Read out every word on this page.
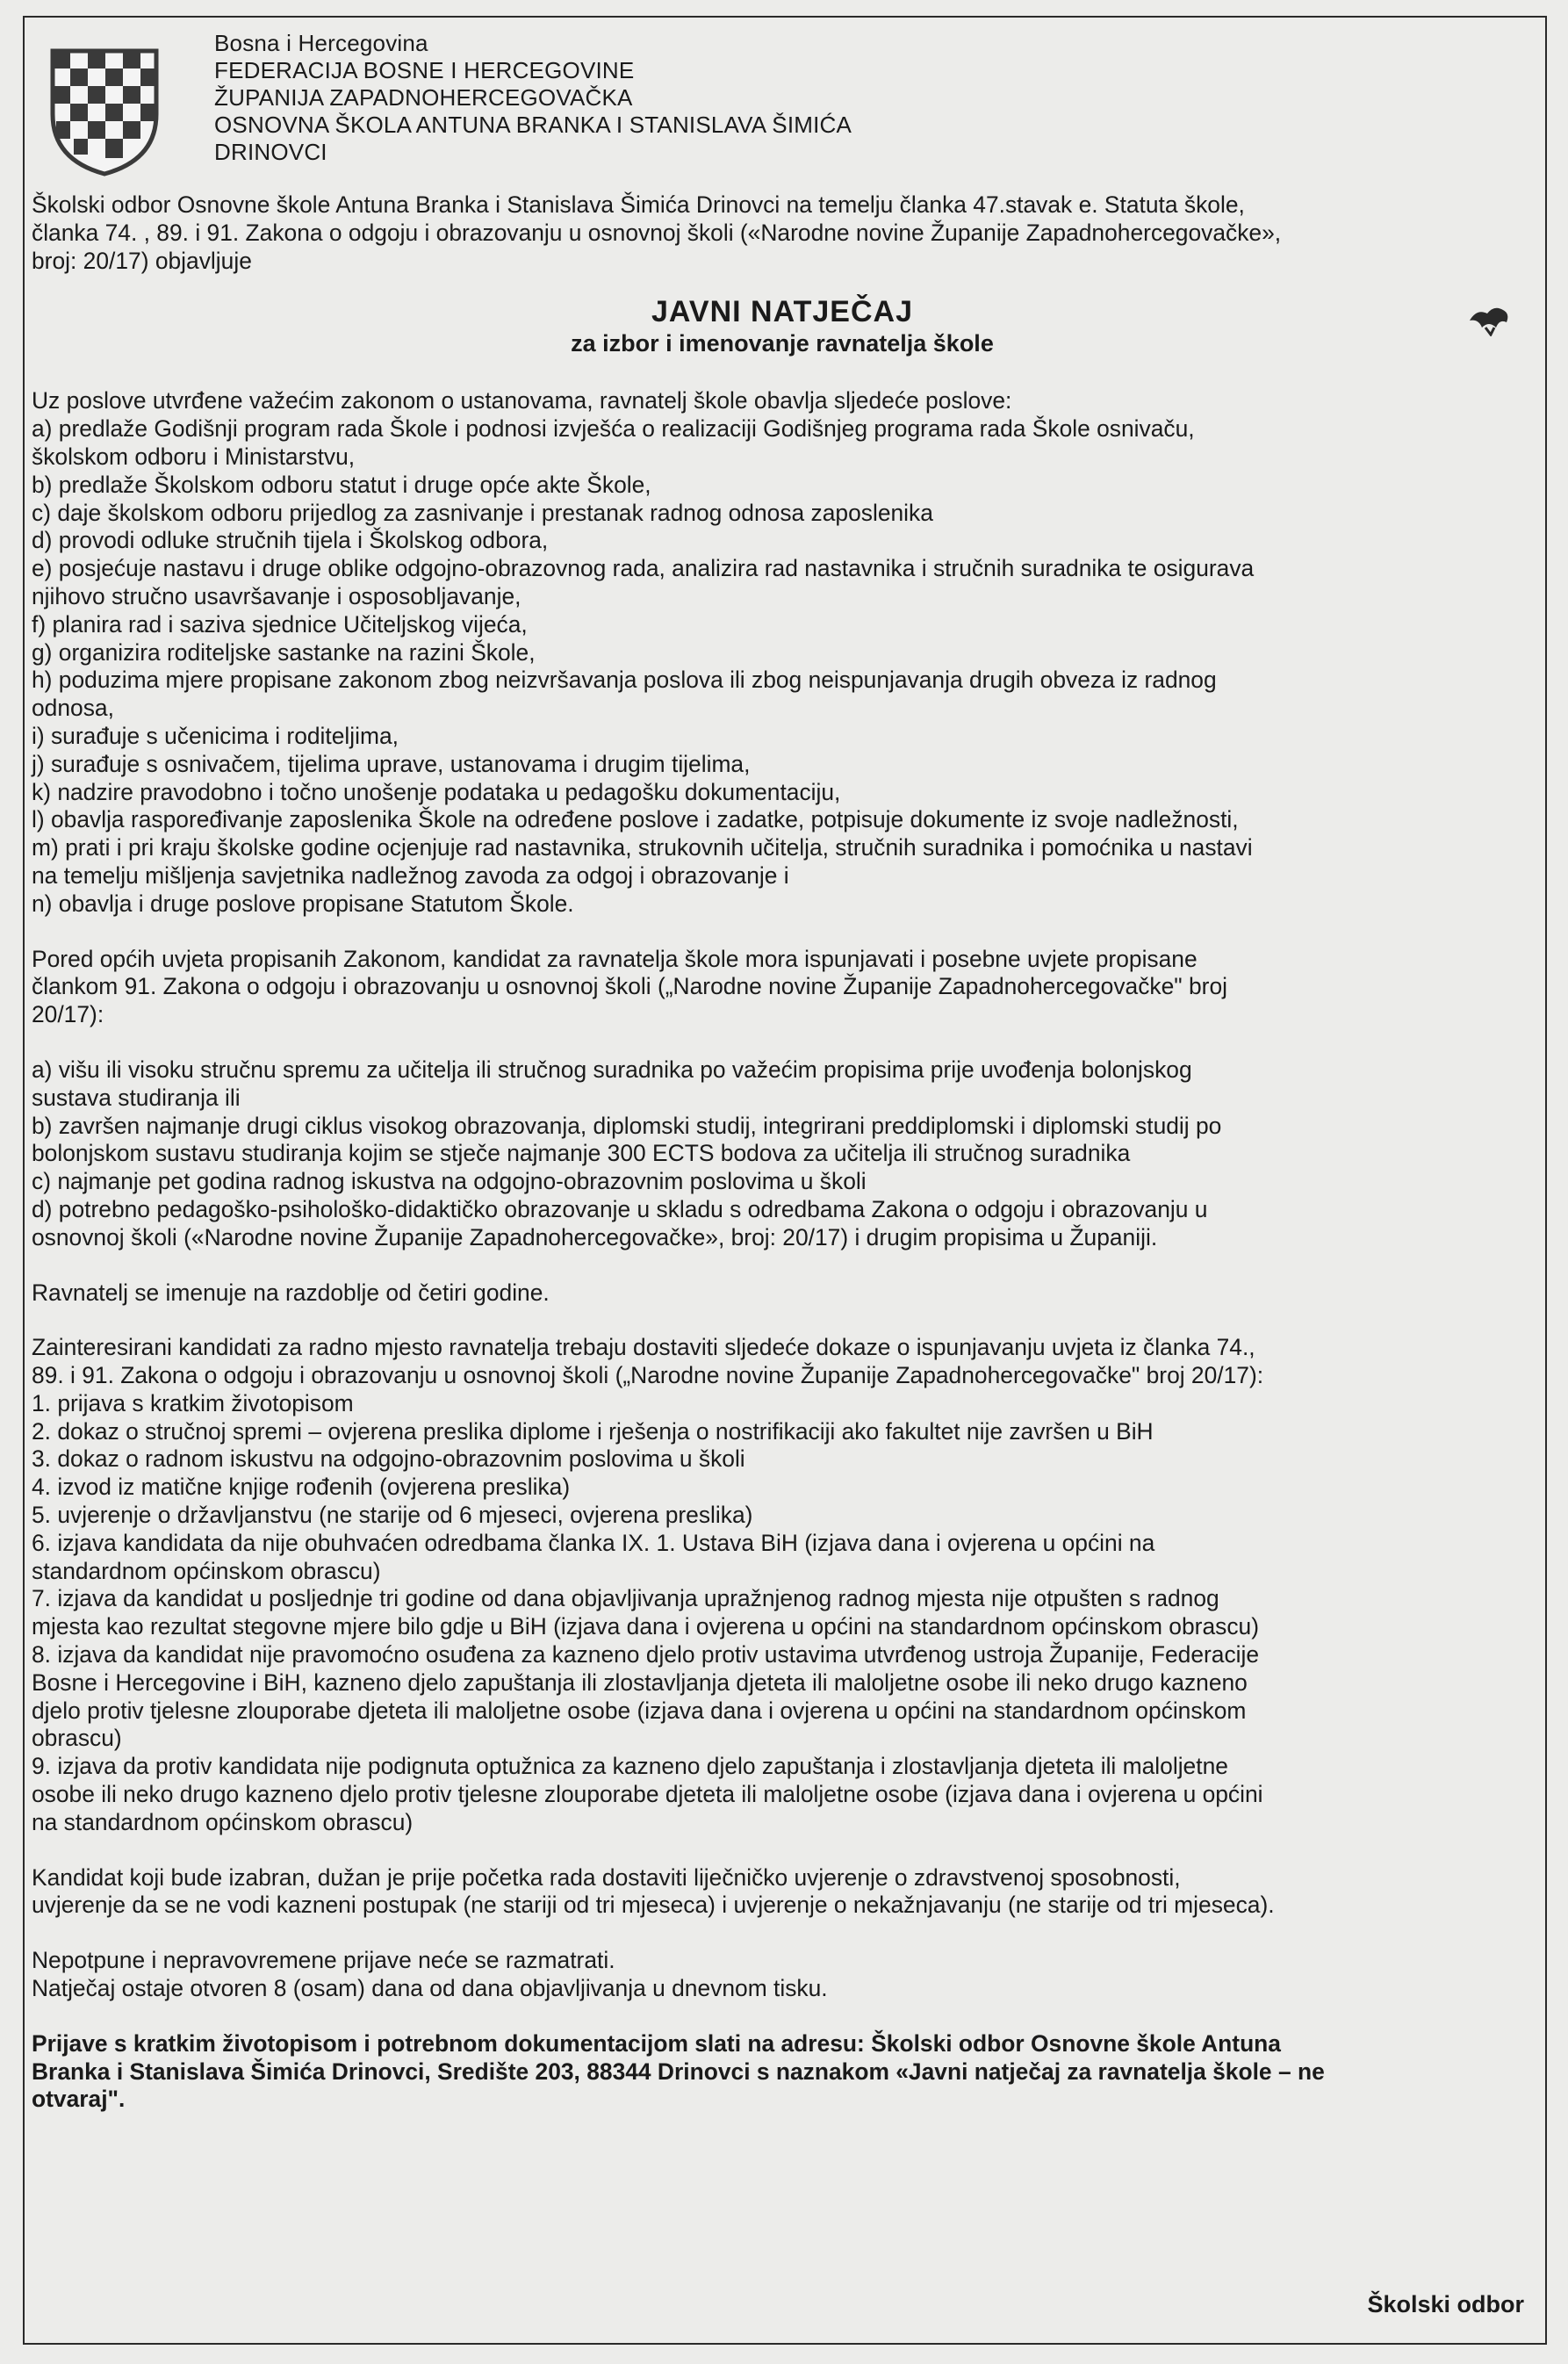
Bosna i Hercegovina
FEDERACIJA BOSNE I HERCEGOVINE
ŽUPANIJA ZAPADNOHERCEGOVAČKA
OSNOVNA ŠKOLA ANTUNA BRANKA I STANISLAVA ŠIMIĆA
DRINOVCI

Školski odbor Osnovne škole Antuna Branka i Stanislava Šimića Drinovci na temelju članka 47.stavak e. Statuta škole,

članka 74. , 89. i 91. Zakona o odgoju i obrazovanju u osnovnoj školi («Narodne novine Županije Zapadnohercegovačke»,

broj: 20/17) objavljuje

JAVNI NATJEČAJ
za izbor i imenovanje ravnatelja škole

Uz poslove utvrđene važećim zakonom o ustanovama, ravnatelj škole obavlja sljedeće poslove:

a) predlaže Godišnji program rada Škole i podnosi izvješća o realizaciji Godišnjeg programa rada Škole osnivaču,

školskom odboru i Ministarstvu,

b) predlaže Školskom odboru statut i druge opće akte Škole,

c) daje školskom odboru prijedlog za zasnivanje i prestanak radnog odnosa zaposlenika

d) provodi odluke stručnih tijela i Školskog odbora,

e) posjećuje nastavu i druge oblike odgojno-obrazovnog rada, analizira rad nastavnika i stručnih suradnika te osigurava

njihovo stručno usavršavanje i osposobljavanje,

f) planira rad i saziva sjednice Učiteljskog vijeća,

g) organizira roditeljske sastanke na razini Škole,

h) poduzima mjere propisane zakonom zbog neizvršavanja poslova ili zbog neispunjavanja drugih obveza iz radnog

odnosa,

i) surađuje s učenicima i roditeljima,

j) surađuje s osnivačem, tijelima uprave, ustanovama i drugim tijelima,

k) nadzire pravodobno i točno unošenje podataka u pedagošku dokumentaciju,

l) obavlja raspoređivanje zaposlenika Škole na određene poslove i zadatke, potpisuje dokumente iz svoje nadležnosti,

m) prati i pri kraju školske godine ocjenjuje rad nastavnika, strukovnih učitelja, stručnih suradnika i pomoćnika u nastavi

na temelju mišljenja savjetnika nadležnog zavoda za odgoj i obrazovanje i

n) obavlja i druge poslove propisane Statutom Škole.

Pored općih uvjeta propisanih Zakonom, kandidat za ravnatelja škole mora ispunjavati i posebne uvjete propisane

člankom 91. Zakona o odgoju i obrazovanju u osnovnoj školi („Narodne novine Županije Zapadnohercegovačke" broj

20/17):

a) višu ili visoku stručnu spremu za učitelja ili stručnog suradnika po važećim propisima prije uvođenja bolonjskog

sustava studiranja ili

b) završen najmanje drugi ciklus visokog obrazovanja, diplomski studij, integrirani preddiplomski i diplomski studij po

bolonjskom sustavu studiranja kojim se stječe najmanje 300 ECTS bodova za učitelja ili stručnog suradnika

c) najmanje pet godina radnog iskustva na odgojno-obrazovnim poslovima u školi

d) potrebno pedagoško-psihološko-didaktičko obrazovanje u skladu s odredbama Zakona o odgoju i obrazovanju u

osnovnoj školi («Narodne novine Županije Zapadnohercegovačke», broj: 20/17) i drugim propisima u Županiji.

Ravnatelj se imenuje na razdoblje od četiri godine.

Zainteresirani kandidati za radno mjesto ravnatelja trebaju dostaviti sljedeće dokaze o ispunjavanju uvjeta iz članka 74.,

89. i 91. Zakona o odgoju i obrazovanju u osnovnoj školi („Narodne novine Županije Zapadnohercegovačke" broj 20/17):

1. prijava s kratkim životopisom

2. dokaz o stručnoj spremi – ovjerena preslika diplome i rješenja o nostrifikaciji ako fakultet nije završen u BiH

3. dokaz o radnom iskustvu na odgojno-obrazovnim poslovima u školi

4. izvod iz matične knjige rođenih (ovjerena preslika)

5. uvjerenje o državljanstvu (ne starije od 6 mjeseci, ovjerena preslika)

6. izjava kandidata da nije obuhvaćen odredbama članka IX. 1. Ustava BiH (izjava dana i ovjerena u općini na

standardnom općinskom obrascu)

7. izjava da kandidat u posljednje tri godine od dana objavljivanja upražnjenog radnog mjesta nije otpušten s radnog

mjesta kao rezultat stegovne mjere bilo gdje u BiH (izjava dana i ovjerena u općini na standardnom općinskom obrascu)

8. izjava da kandidat nije pravomoćno osuđena za kazneno djelo protiv ustavima utvrđenog ustroja Županije, Federacije

Bosne i Hercegovine i BiH, kazneno djelo zapuštanja ili zlostavljanja djeteta ili maloljetne osobe ili neko drugo kazneno

djelo protiv tjelesne zlouporabe djeteta ili maloljetne osobe (izjava dana i ovjerena u općini na standardnom općinskom

obrascu)

9. izjava da protiv kandidata nije podignuta optužnica za kazneno djelo zapuštanja i zlostavljanja djeteta ili maloljetne

osobe ili neko drugo kazneno djelo protiv tjelesne zlouporabe djeteta ili maloljetne osobe (izjava dana i ovjerena u općini

na standardnom općinskom obrascu)

Kandidat koji bude izabran, dužan je prije početka rada dostaviti liječničko uvjerenje o zdravstvenoj sposobnosti,

uvjerenje da se ne vodi kazneni postupak (ne stariji od tri mjeseca) i uvjerenje o nekažnjavanju (ne starije od tri mjeseca).

Nepotpune i nepravovremene prijave neće se razmatrati.

Natječaj ostaje otvoren 8 (osam) dana od dana objavljivanja u dnevnom tisku.

Prijave s kratkim životopisom i potrebnom dokumentacijom slati na adresu: Školski odbor Osnovne škole Antuna

Branka i Stanislava Šimića Drinovci, Središte 203, 88344 Drinovci s naznakom «Javni natječaj za ravnatelja škole – ne

otvaraj".

Školski odbor
